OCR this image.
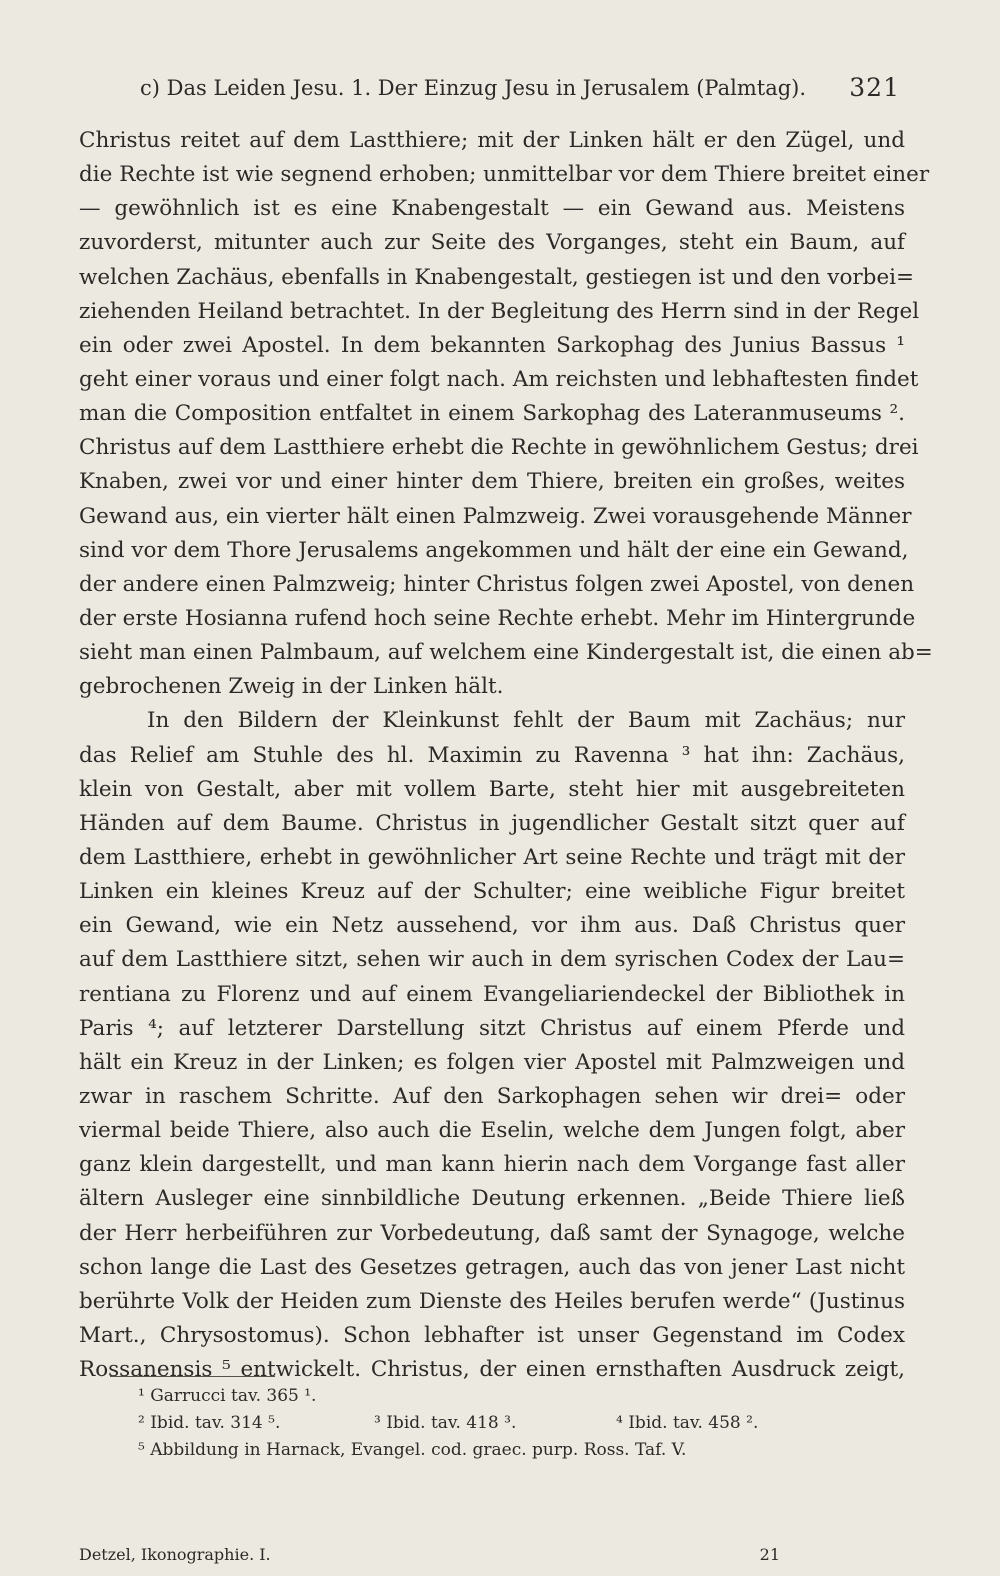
c) Das Leiden Jesu. 1. Der Einzug Jesu in Jerusalem (Palmtag). 321
Christus reitet auf dem Lastthiere; mit der Linken hält er den Zügel, und
die Rechte ist wie segnend erhoben; unmittelbar vor dem Thiere breitet einer
— gewöhnlich ist es eine Knabengestalt — ein Gewand aus. Meistens
zuvorderst, mitunter auch zur Seite des Vorganges, steht ein Baum, auf
welchen Zachäus, ebenfalls in Knabengestalt, gestiegen ist und den vorbei=
ziehenden Heiland betrachtet. In der Begleitung des Herrn sind in der Regel
ein oder zwei Apostel. In dem bekannten Sarkophag des Junius Bassus ¹
geht einer voraus und einer folgt nach. Am reichsten und lebhaftesten findet
man die Composition entfaltet in einem Sarkophag des Lateranmuseums ².
Christus auf dem Lastthiere erhebt die Rechte in gewöhnlichem Gestus; drei
Knaben, zwei vor und einer hinter dem Thiere, breiten ein großes, weites
Gewand aus, ein vierter hält einen Palmzweig. Zwei vorausgehende Männer
sind vor dem Thore Jerusalems angekommen und hält der eine ein Gewand,
der andere einen Palmzweig; hinter Christus folgen zwei Apostel, von denen
der erste Hosianna rufend hoch seine Rechte erhebt. Mehr im Hintergrunde
sieht man einen Palmbaum, auf welchem eine Kindergestalt ist, die einen ab=
gebrochenen Zweig in der Linken hält.
In den Bildern der Kleinkunst fehlt der Baum mit Zachäus; nur
das Relief am Stuhle des hl. Maximin zu Ravenna ³ hat ihn: Zachäus,
klein von Gestalt, aber mit vollem Barte, steht hier mit ausgebreiteten
Händen auf dem Baume. Christus in jugendlicher Gestalt sitzt quer auf
dem Lastthiere, erhebt in gewöhnlicher Art seine Rechte und trägt mit der
Linken ein kleines Kreuz auf der Schulter; eine weibliche Figur breitet
ein Gewand, wie ein Netz aussehend, vor ihm aus. Daß Christus quer
auf dem Lastthiere sitzt, sehen wir auch in dem syrischen Codex der Lau=
rentiana zu Florenz und auf einem Evangeliariendeckel der Bibliothek in
Paris ⁴; auf letzterer Darstellung sitzt Christus auf einem Pferde und
hält ein Kreuz in der Linken; es folgen vier Apostel mit Palmzweigen und
zwar in raschem Schritte. Auf den Sarkophagen sehen wir drei= oder
viermal beide Thiere, also auch die Eselin, welche dem Jungen folgt, aber
ganz klein dargestellt, und man kann hierin nach dem Vorgange fast aller
ältern Ausleger eine sinnbildliche Deutung erkennen. „Beide Thiere ließ
der Herr herbeiführen zur Vorbedeutung, daß samt der Synagoge, welche
schon lange die Last des Gesetzes getragen, auch das von jener Last nicht
berührte Volk der Heiden zum Dienste des Heiles berufen werde“ (Justinus
Mart., Chrysostomus). Schon lebhafter ist unser Gegenstand im Codex
Rossanensis ⁵ entwickelt. Christus, der einen ernsthaften Ausdruck zeigt,
¹ Garrucci tav. 365 ¹.
² Ibid. tav. 314 ⁵.	³ Ibid. tav. 418 ³.	⁴ Ibid. tav. 458 ².
⁵ Abbildung in Harnack, Evangel. cod. graec. purp. Ross. Taf. V.
Detzel, Ikonographie. I.	21
